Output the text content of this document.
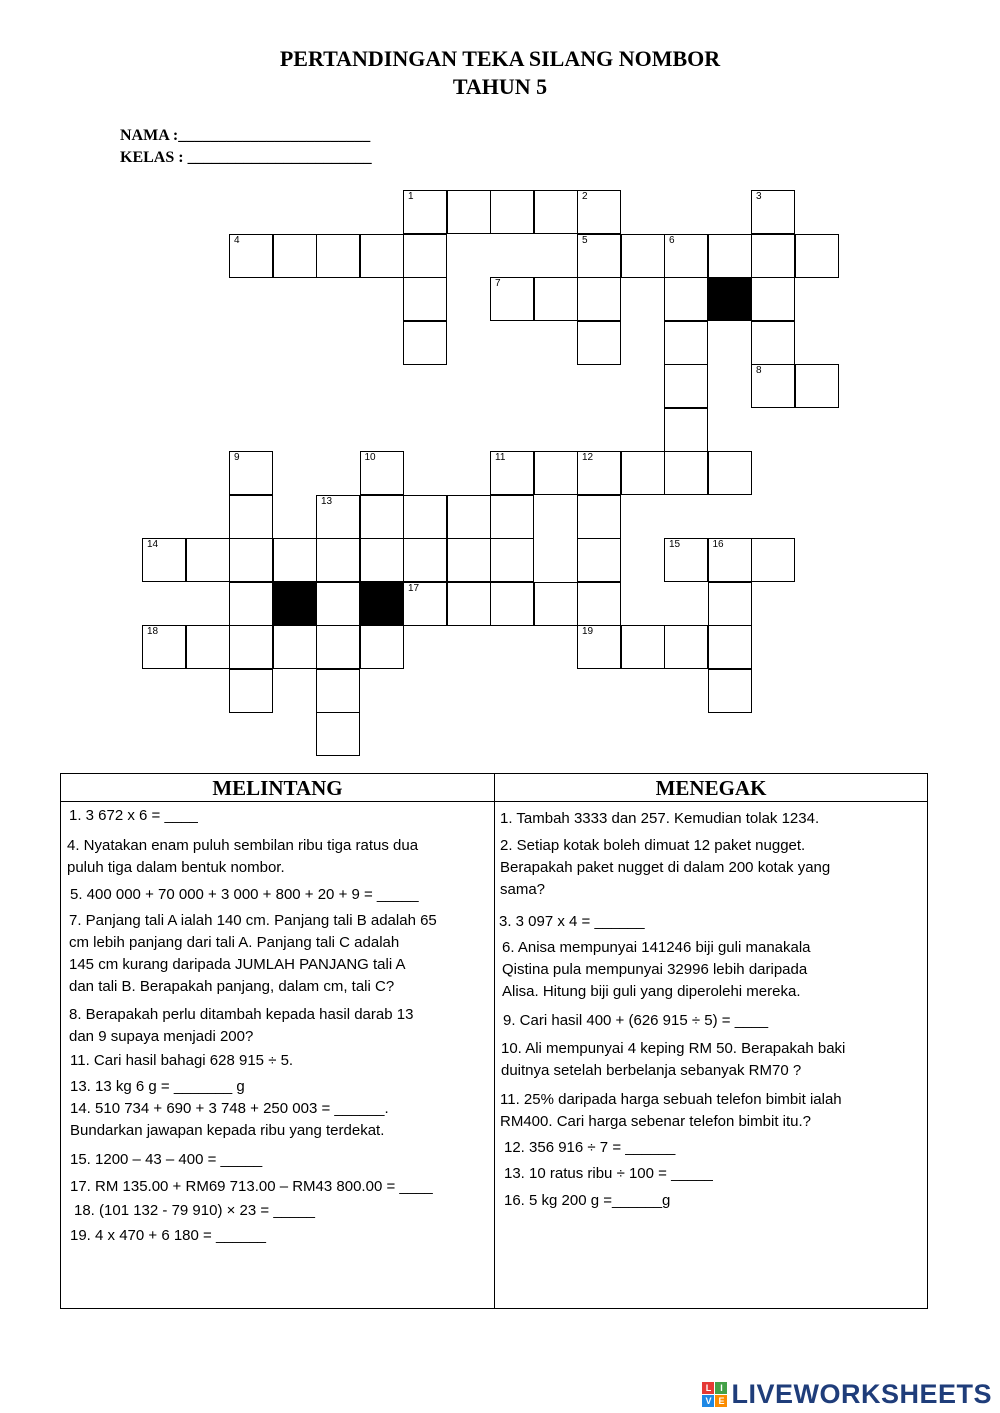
PERTANDINGAN TEKA SILANG NOMBOR
TAHUN 5
NAMA :________________________
KELAS : _______________________
1	2	3
4	5	6
7
8
9	10	11	12
13
14	15	16
17
18	19
MELINTANG
1. 3 672 x 6 = ____
4. Nyatakan enam puluh sembilan ribu tiga ratus dua
puluh tiga dalam bentuk nombor.
5. 400 000 + 70 000 + 3 000 + 800 + 20 + 9 = _____
7. Panjang tali A ialah 140 cm. Panjang tali B adalah 65
cm lebih panjang dari tali A. Panjang tali C adalah
145 cm kurang daripada JUMLAH PANJANG tali A
dan tali B. Berapakah panjang, dalam cm, tali C?
8. Berapakah perlu ditambah kepada hasil darab 13
dan 9 supaya menjadi 200?
11. Cari hasil bahagi 628 915 ÷ 5.
13. 13 kg 6 g = _______ g
14. 510 734 + 690 + 3 748 + 250 003 = ______.
Bundarkan jawapan kepada ribu yang terdekat.
15. 1200 – 43 – 400 = _____
17. RM 135.00 + RM69 713.00 – RM43 800.00 = ____
18. (101 132 - 79 910) × 23 = _____
19. 4 x 470 + 6 180 = ______
MENEGAK
1. Tambah 3333 dan 257. Kemudian tolak 1234.
2. Setiap kotak boleh dimuat 12 paket nugget.
Berapakah paket nugget di dalam 200 kotak yang
sama?
3. 3 097 x 4 = ______
6. Anisa mempunyai 141246 biji guli manakala
Qistina pula mempunyai 32996 lebih daripada
Alisa. Hitung biji guli yang diperolehi mereka.
9. Cari hasil 400 + (626 915 ÷ 5) = ____
10. Ali mempunyai 4 keping RM 50. Berapakah baki
duitnya setelah berbelanja sebanyak RM70 ?
11. 25% daripada harga sebuah telefon bimbit ialah
RM400. Cari harga sebenar telefon bimbit itu.?
12. 356 916 ÷ 7 = ______
13. 10 ratus ribu ÷ 100 = _____
16. 5 kg 200 g =______g
L I
V E LIVEWORKSHEETS
